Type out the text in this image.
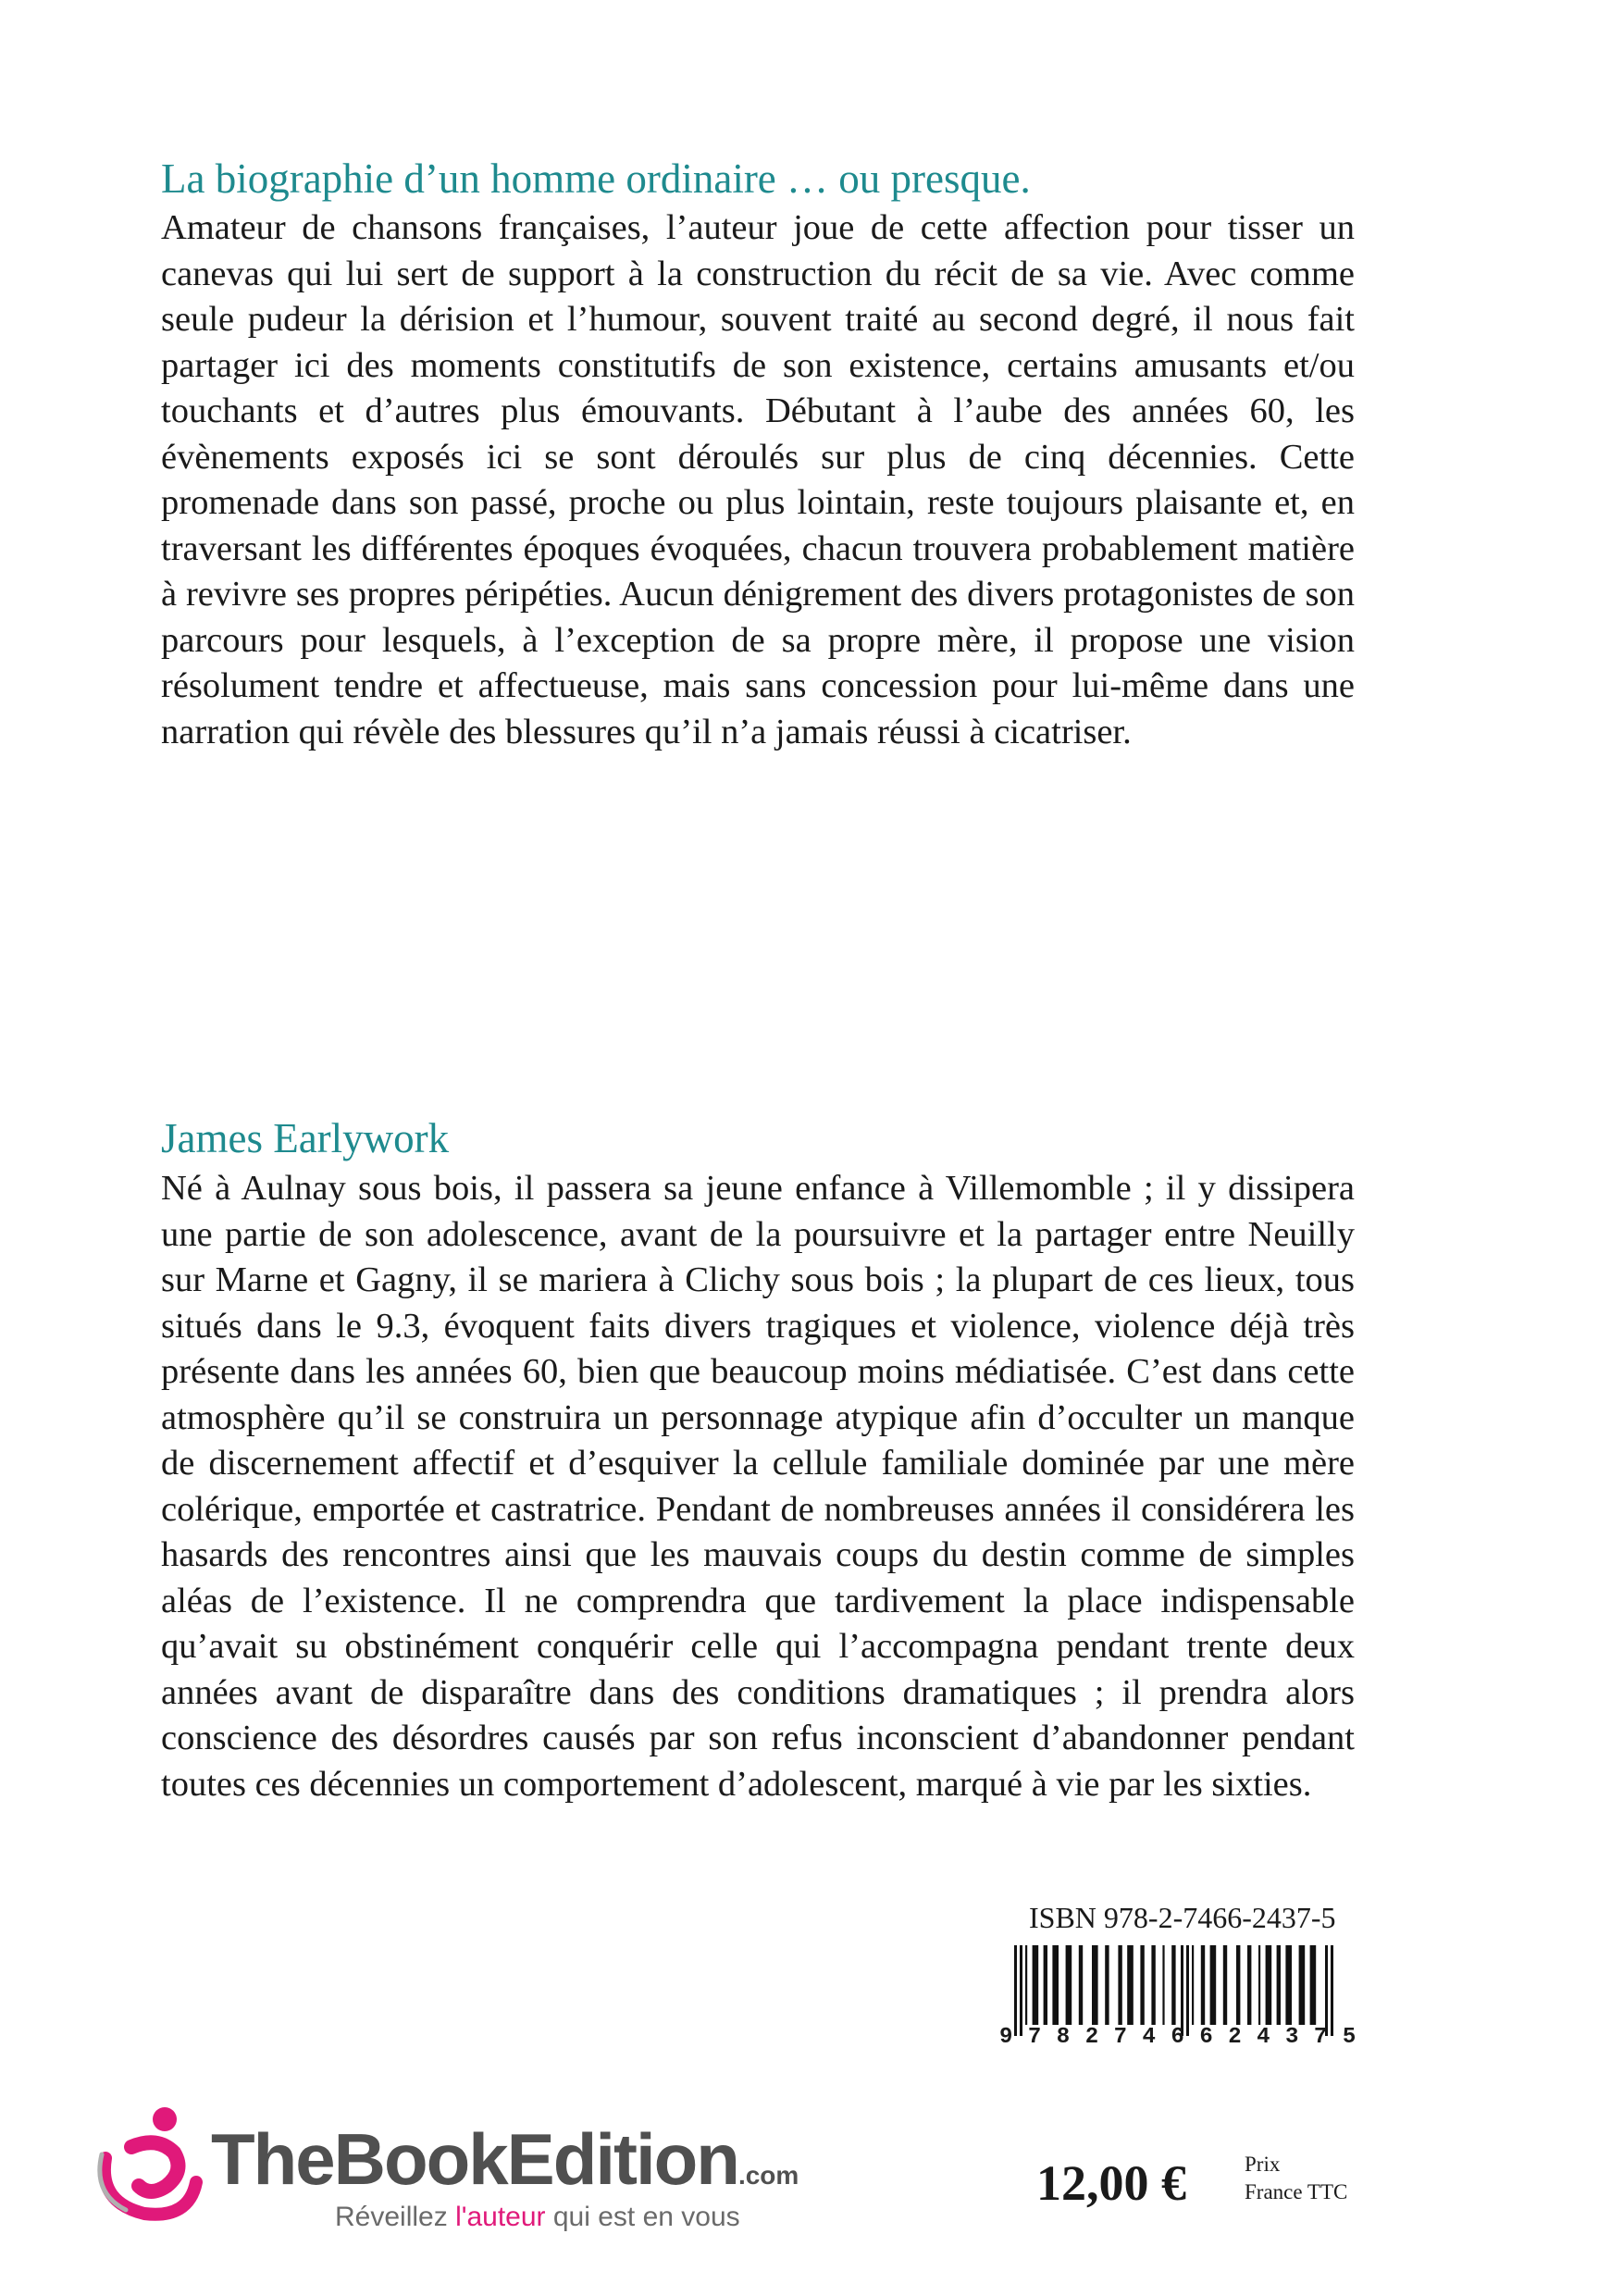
La biographie d’un homme ordinaire … ou presque.

Amateur de chansons françaises, l’auteur joue de cette affection pour tisser un canevas qui lui sert de support à la construction du récit de sa vie. Avec comme seule pudeur la dérision et l’humour, souvent traité au second degré, il nous fait partager ici des moments constitutifs de son existence, certains amusants et/ou touchants et d’autres plus émouvants. Débutant à l’aube des années 60, les évènements exposés ici se sont déroulés sur plus de cinq décennies. Cette promenade dans son passé, proche ou plus lointain, reste toujours plaisante et, en traversant les différentes époques évoquées, chacun trouvera probablement matière à revivre ses propres péripéties. Aucun dénigrement des divers protagonistes de son parcours pour lesquels, à l’exception de sa propre mère, il propose une vision résolument tendre et affectueuse, mais sans concession pour lui-même dans une narration qui révèle des blessures qu’il n’a jamais réussi à cicatriser.

James Earlywork

Né à Aulnay sous bois, il passera sa jeune enfance à Villemomble ; il y dissipera une partie de son adolescence, avant de la poursuivre et la partager entre Neuilly sur Marne et Gagny, il se mariera à Clichy sous bois ; la plupart de ces lieux, tous situés dans le 9.3, évoquent faits divers tragiques et violence, violence déjà très présente dans les années 60, bien que beaucoup moins médiatisée. C’est dans cette atmosphère qu’il se construira un personnage atypique afin d’occulter un manque de discernement affectif et d’esquiver la cellule familiale dominée par une mère colérique, emportée et castratrice. Pendant de nombreuses années il considérera les hasards des rencontres ainsi que les mauvais coups du destin comme de simples aléas de l’existence. Il ne comprendra que tardivement la place indispensable qu’avait su obstinément conquérir celle qui l’accompagna pendant trente deux années avant de disparaître dans des conditions dramatiques ; il prendra alors conscience des désordres causés par son refus inconscient d’abandonner pendant toutes ces décennies un comportement d’adolescent, marqué à vie par les sixties.

ISBN 978-2-7466-2437-5
9782746624375
TheBookEdition.com
Réveillez l'auteur qui est en vous
12,00 €	Prix
France TTC
